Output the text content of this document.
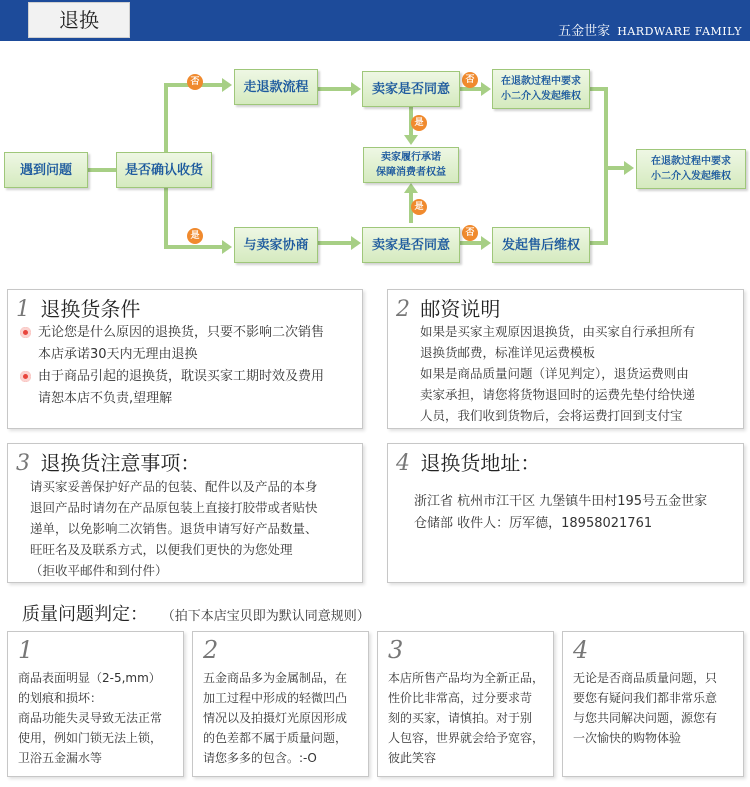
退换	五金世家 HARDWARE FAMILY
否
是
否
是
是
否
遇到问题	是否确认收货
走退款流程
与卖家协商
卖家是否同意
卖家是否同意
卖家履行承诺
保障消费者权益
在退款过程中要求
小二介入发起维权
发起售后维权
在退款过程中要求
小二介入发起维权
1 退换货条件
无论您是什么原因的退换货，只要不影响二次销售
本店承诺30天内无理由退换
由于商品引起的退换货，耽误买家工期时效及费用
请恕本店不负责,望理解
2 邮资说明
如果是买家主观原因退换货，由买家自行承担所有
退换货邮费，标准详见运费模板
如果是商品质量问题（详见判定），退货运费则由
卖家承担，请您将货物退回时的运费先垫付给快递
人员，我们收到货物后，会将运费打回到支付宝
3 退换货注意事项：
请买家妥善保护好产品的包装、配件以及产品的本身
退回产品时请勿在产品原包装上直接打胶带或者贴快
递单，以免影响二次销售。退货申请写好产品数量、
旺旺名及及联系方式，以便我们更快的为您处理
（拒收平邮件和到付件）
4 退换货地址：
浙江省 杭州市江干区 九堡镇牛田村195号五金世家
仓储部 收件人：厉军德，18958021761
质量问题判定： （拍下本店宝贝即为默认同意规则）
1
商品表面明显（2-5,mm）
的划痕和损坏：
商品功能失灵导致无法正常
使用，例如门锁无法上锁，
卫浴五金漏水等
2
五金商品多为金属制品，在
加工过程中形成的轻微凹凸
情况以及拍摄灯光原因形成
的色差都不属于质量问题，
请您多多的包含。:-O
3
本店所售产品均为全新正品，
性价比非常高，过分要求苛
刻的买家，请慎拍。对于别
人包容，世界就会给予宽容，
彼此笑容
4
无论是否商品质量问题，只
要您有疑问我们都非常乐意
与您共同解决问题，源您有
一次愉快的购物体验
